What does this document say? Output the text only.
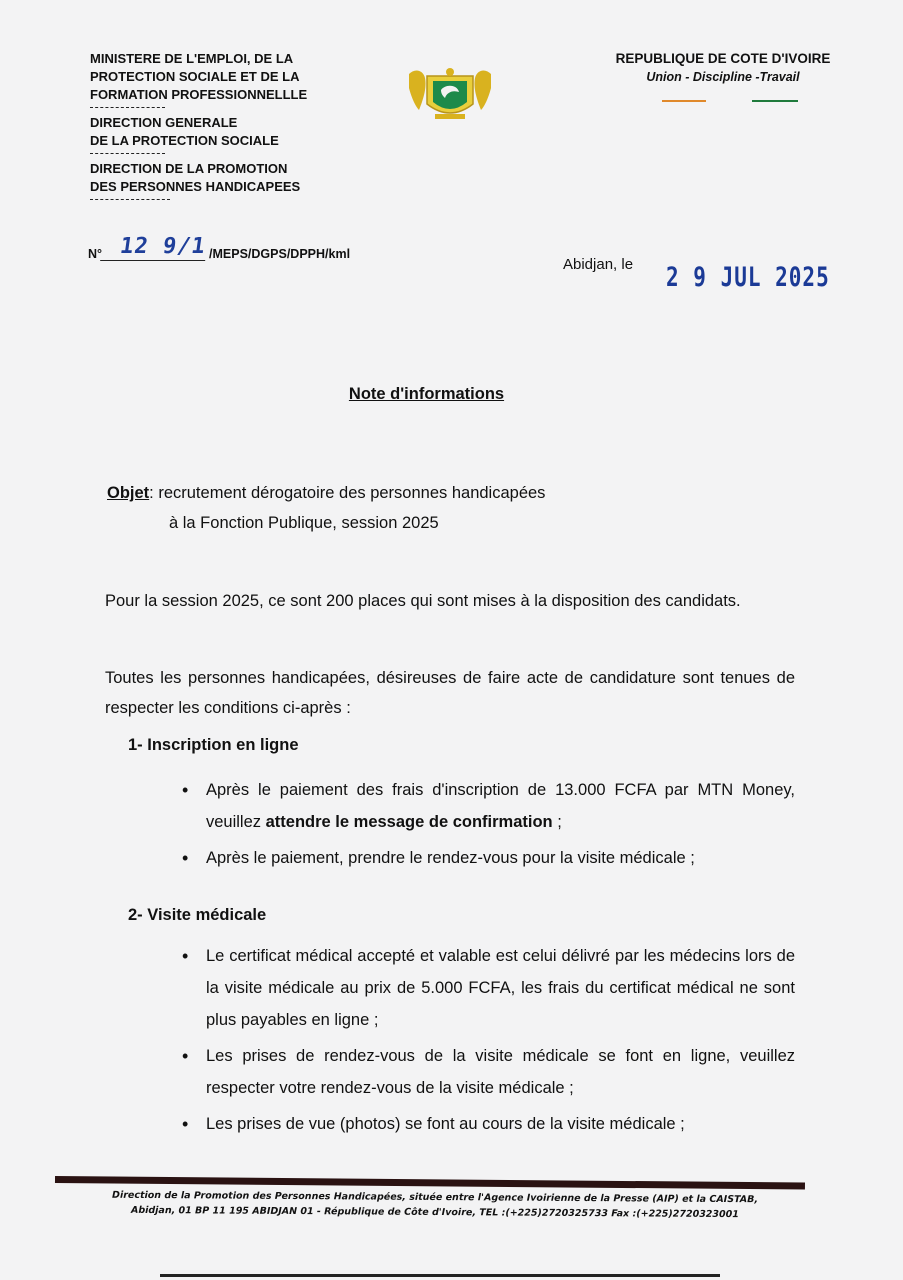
MINISTERE DE L'EMPLOI, DE LA
PROTECTION SOCIALE ET DE LA
FORMATION PROFESSIONNELLLE
DIRECTION GENERALE
DE LA PROTECTION SOCIALE
DIRECTION DE LA PROMOTION
DES PERSONNES HANDICAPEES
REPUBLIQUE DE COTE D'IVOIRE
Union - Discipline -Travail
N° 12 9/1 /MEPS/DGPS/DPPH/kml
Abidjan, le 2 9 JUL 2025
Note d'informations
Objet: recrutement dérogatoire des personnes handicapées
à la Fonction Publique, session 2025
Pour la session 2025, ce sont 200 places qui sont mises à la disposition des candidats.
Toutes les personnes handicapées, désireuses de faire acte de candidature sont tenues de respecter les conditions ci-après :
1- Inscription en ligne
• Après le paiement des frais d'inscription de 13.000 FCFA par MTN Money, veuillez attendre le message de confirmation ;
• Après le paiement, prendre le rendez-vous pour la visite médicale ;
2- Visite médicale
• Le certificat médical accepté et valable est celui délivré par les médecins lors de la visite médicale au prix de 5.000 FCFA, les frais du certificat médical ne sont plus payables en ligne ;
• Les prises de rendez-vous de la visite médicale se font en ligne, veuillez respecter votre rendez-vous de la visite médicale ;
• Les prises de vue (photos) se font au cours de la visite médicale ;
Direction de la Promotion des Personnes Handicapées, située entre l'Agence Ivoirienne de la Presse (AIP) et la CAISTAB,
Abidjan, 01 BP 11 195 ABIDJAN 01 - République de Côte d'Ivoire, TEL :(+225)2720325733 Fax :(+225)2720323001
